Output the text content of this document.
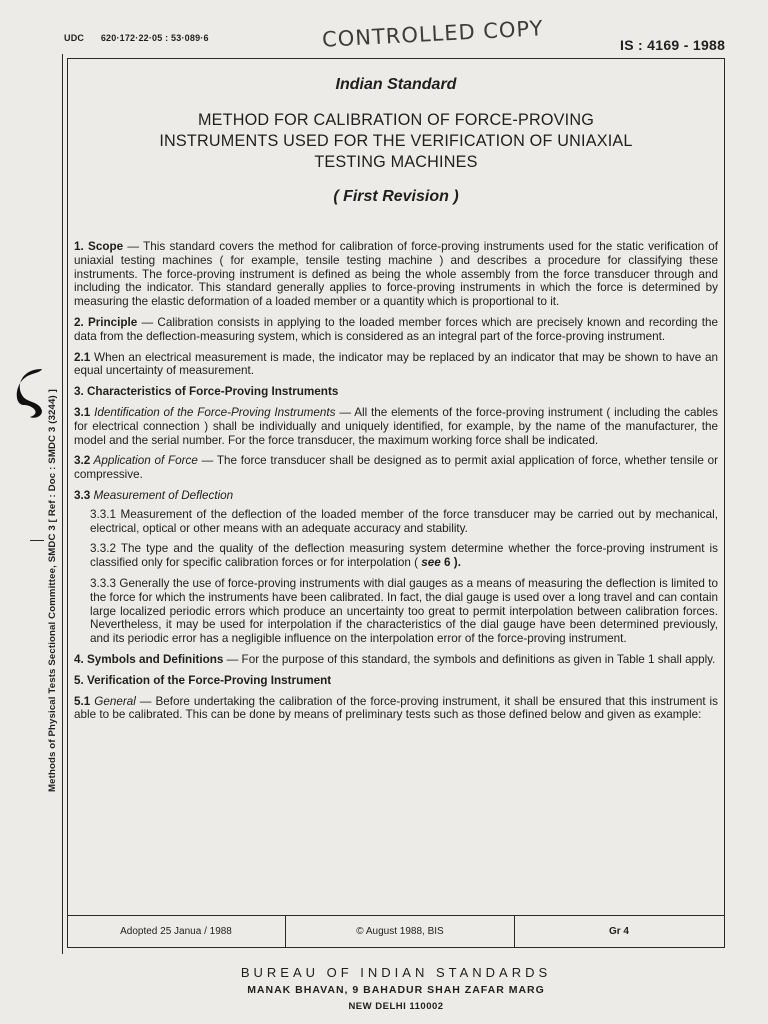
UDC 620·172·22·05 : 53·089·6	CONTROLLED COPY	IS : 4169 - 1988
Methods of Physical Tests Sectional Committee, SMDC 3 [ Ref : Doc : SMDC 3 (3244) ]
Indian Standard
METHOD FOR CALIBRATION OF FORCE-PROVING
INSTRUMENTS USED FOR THE VERIFICATION OF UNIAXIAL
TESTING MACHINES
( First Revision )

1. Scope — This standard covers the method for calibration of force-proving instruments used for the static verification of uniaxial testing machines ( for example, tensile testing machine ) and describes a procedure for classifying these instruments. The force-proving instrument is defined as being the whole assembly from the force transducer through and including the indicator. This standard generally applies to force-proving instruments in which the force is determined by measuring the elastic deformation of a loaded member or a quantity which is proportional to it.

2. Principle — Calibration consists in applying to the loaded member forces which are precisely known and recording the data from the deflection-measuring system, which is considered as an integral part of the force-proving instrument.

2.1 When an electrical measurement is made, the indicator may be replaced by an indicator that may be shown to have an equal uncertainty of measurement.

3. Characteristics of Force-Proving Instruments

3.1 Identification of the Force-Proving Instruments — All the elements of the force-proving instrument ( including the cables for electrical connection ) shall be individually and uniquely identified, for example, by the name of the manufacturer, the model and the serial number. For the force transducer, the maximum working force shall be indicated.

3.2 Application of Force — The force transducer shall be designed as to permit axial application of force, whether tensile or compressive.

3.3 Measurement of Deflection

3.3.1 Measurement of the deflection of the loaded member of the force transducer may be carried out by mechanical, electrical, optical or other means with an adequate accuracy and stability.

3.3.2 The type and the quality of the deflection measuring system determine whether the force-proving instrument is classified only for specific calibration forces or for interpolation ( see 6 ).

3.3.3 Generally the use of force-proving instruments with dial gauges as a means of measuring the deflection is limited to the force for which the instruments have been calibrated. In fact, the dial gauge is used over a long travel and can contain large localized periodic errors which produce an uncertainty too great to permit interpolation between calibration forces. Nevertheless, it may be used for interpolation if the characteristics of the dial gauge have been determined previously, and its periodic error has a negligible influence on the interpolation error of the force-proving instrument.

4. Symbols and Definitions — For the purpose of this standard, the symbols and definitions as given in Table 1 shall apply.

5. Verification of the Force-Proving Instrument

5.1 General — Before undertaking the calibration of the force-proving instrument, it shall be ensured that this instrument is able to be calibrated. This can be done by means of preliminary tests such as those defined below and given as example:

Adopted 25 Janua / 1988	© August 1988, BIS	Gr 4
BUREAU OF INDIAN STANDARDS
MANAK BHAVAN, 9 BAHADUR SHAH ZAFAR MARG
NEW DELHI 110002
